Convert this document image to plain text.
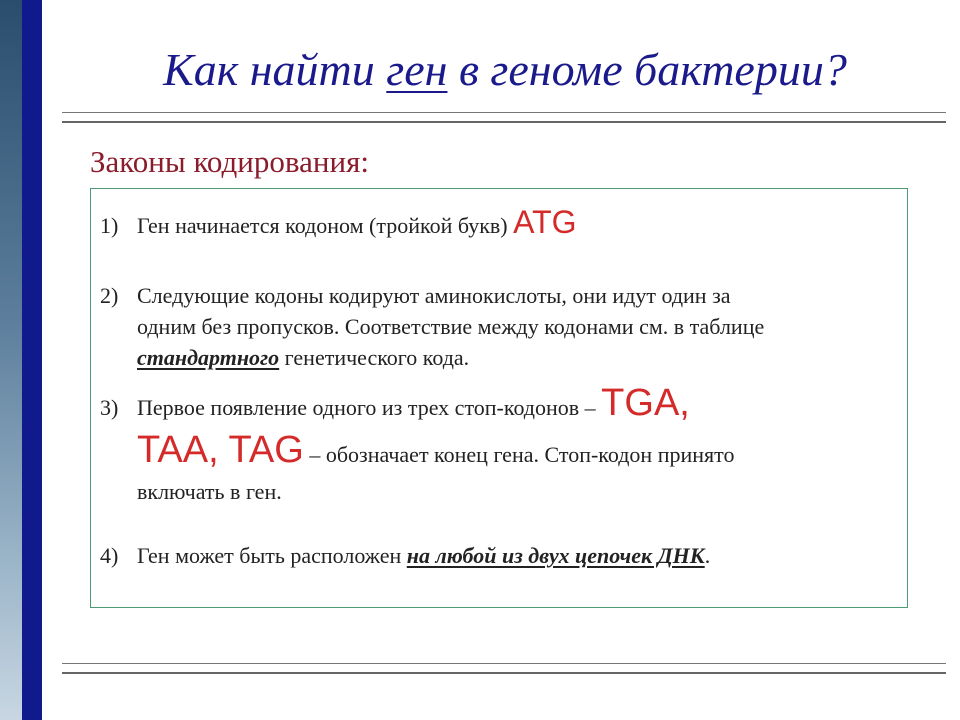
Как найти ген в геноме бактерии?
Законы кодирования:
1) Ген начинается кодоном (тройкой букв) ATG
2) Следующие кодоны кодируют аминокислоты, они идут один за
одним без пропусков. Соответствие между кодонами см. в таблице
стандартного генетического кода.
3) Первое появление одного из трех стоп-кодонов – TGA,
TAA, TAG – обозначает конец гена. Стоп-кодон принято
включать в ген.
4) Ген может быть расположен на любой из двух цепочек ДНК.
